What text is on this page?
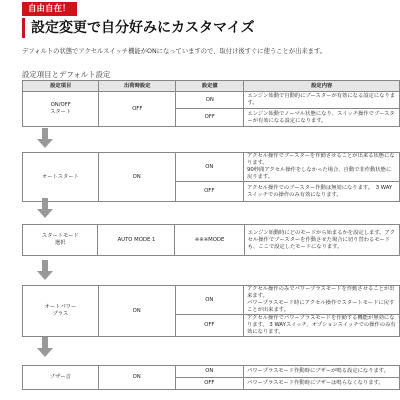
自由自在！
設定変更で自分好みにカスタマイズ
デフォルトの状態でアクセルスイッチ機能がONになっていますので、取付け後すぐに使うことが出来ます。
設定項目とデフォルト設定
設定項目	出荷時設定	設定値	設定内容
ON/OFF
スタート	OFF	ON	エンジン始動で自動的にブースターが有効になる設定になります。
		OFF	エンジン始動でノーマル状態になり、スイッチ操作でブースターが有効になる設定になります。
オートスタート	ON	ON	アクセル操作でブースターを作動させることが出来る状態になります。
90秒間アクセル操作をしなかった場合、自動で非作動状態に戻ります。
		OFF	アクセル操作でのブースター作動は無効になります。　3 WAYスイッチでの操作のみ有効になります。
スタートモード
選択	AUTO MODE 1	※※※MODE	エンジン始動時にどのモードから始まるかを設定します。アクセル操作でブースターを作動させた場合に切り替わるモードも、ここで設定したモードになります。
オートパワー
プラス	ON	ON	アクセル操作のみでパワープラスモードを作動させることが出来ます。
パワープラスモード時にアクセル操作でスタートモードに戻すことが出来ます。
		OFF	アクセル操作でパワープラスモードを作動する機能が無効になります。 3 WAYスイッチ、オプションスイッチでの操作のみ有効になります。
ブザー音	ON	ON	パワープラスモード作動時にブザーが鳴る設定になります。
		OFF	パワープラスモード作動時にブザーは鳴らなくなります。
